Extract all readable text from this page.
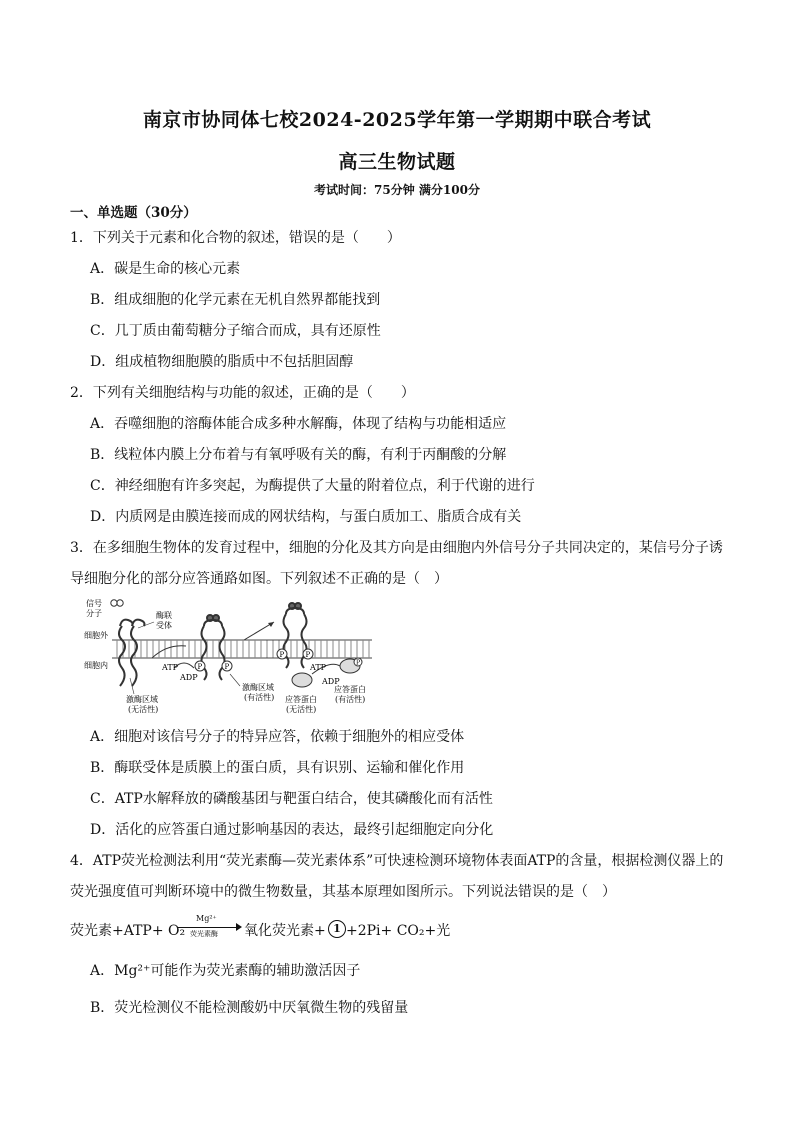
南京市协同体七校2024-2025学年第一学期期中联合考试
高三生物试题
考试时间：75分钟 满分100分
一、单选题（30分）
1．下列关于元素和化合物的叙述，错误的是（　　）
A．碳是生命的核心元素
B．组成细胞的化学元素在无机自然界都能找到
C．几丁质由葡萄糖分子缩合而成，具有还原性
D．组成植物细胞膜的脂质中不包括胆固醇
2．下列有关细胞结构与功能的叙述，正确的是（　　）
A．吞噬细胞的溶酶体能合成多种水解酶，体现了结构与功能相适应
B．线粒体内膜上分布着与有氧呼吸有关的酶，有利于丙酮酸的分解
C．神经细胞有许多突起，为酶提供了大量的附着位点，利于代谢的进行
D．内质网是由膜连接而成的网状结构，与蛋白质加工、脂质合成有关
3．在多细胞生物体的发育过程中，细胞的分化及其方向是由细胞内外信号分子共同决定的，某信号分子诱
导细胞分化的部分应答通路如图。下列叙述不正确的是（　）
信号
分子
细胞外
细胞内
酶联
受体
P	P
ATP
ADP
激酶区域
(无活性)
激酶区域
(有活性)
P	P
P
ATP
ADP
应答蛋白
(无活性)
应答蛋白
(有活性)
A．细胞对该信号分子的特异应答，依赖于细胞外的相应受体
B．酶联受体是质膜上的蛋白质，具有识别、运输和催化作用
C．ATP水解释放的磷酸基团与靶蛋白结合，使其磷酸化而有活性
D．活化的应答蛋白通过影响基因的表达，最终引起细胞定向分化
4．ATP荧光检测法利用“荧光素酶—荧光素体系”可快速检测环境物体表面ATP的含量，根据检测仪器上的
荧光强度值可判断环境中的微生物数量，其基本原理如图所示。下列说法错误的是（　）
荧光素+ATP+ O₂
Mg²⁺
荧光素酶 氧化荧光素+ 1 +2Pi+ CO₂+光
A．Mg²⁺可能作为荧光素酶的辅助激活因子
B．荧光检测仪不能检测酸奶中厌氧微生物的残留量
